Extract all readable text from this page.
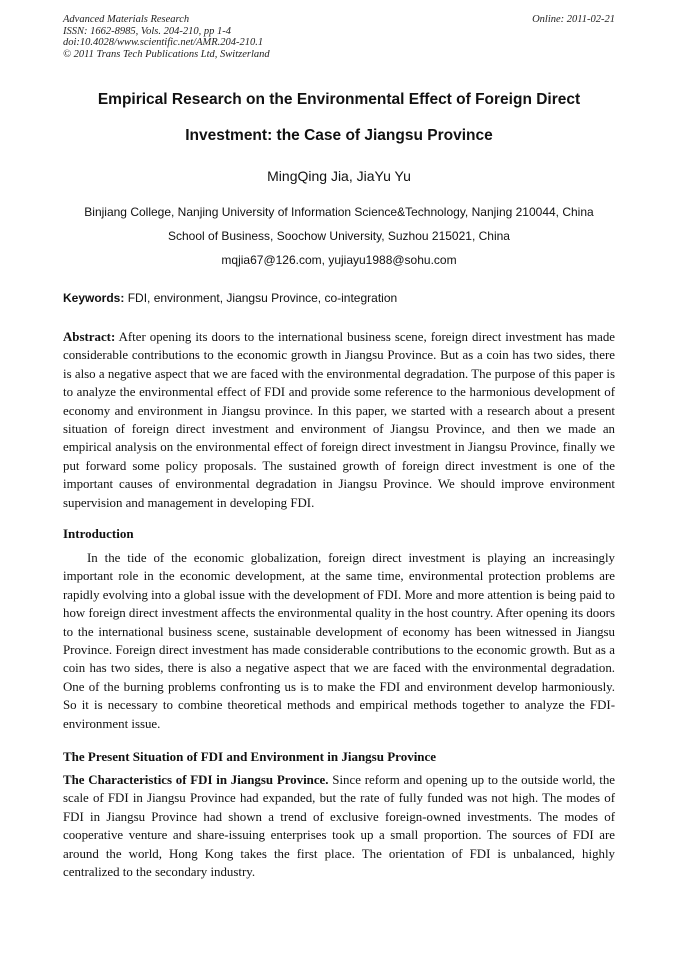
Advanced Materials Research
ISSN: 1662-8985, Vols. 204-210, pp 1-4
doi:10.4028/www.scientific.net/AMR.204-210.1
© 2011 Trans Tech Publications Ltd, Switzerland
Online: 2011-02-21
Empirical Research on the Environmental Effect of Foreign Direct
Investment: the Case of Jiangsu Province
MingQing Jia, JiaYu Yu
Binjiang College, Nanjing University of Information Science&Technology, Nanjing 210044, China
School of Business, Soochow University, Suzhou 215021, China
mqjia67@126.com, yujiayu1988@sohu.com
Keywords: FDI, environment, Jiangsu Province, co-integration
Abstract: After opening its doors to the international business scene, foreign direct investment has made considerable contributions to the economic growth in Jiangsu Province. But as a coin has two sides, there is also a negative aspect that we are faced with the environmental degradation. The purpose of this paper is to analyze the environmental effect of FDI and provide some reference to the harmonious development of economy and environment in Jiangsu province. In this paper, we started with a research about a present situation of foreign direct investment and environment of Jiangsu Province, and then we made an empirical analysis on the environmental effect of foreign direct investment in Jiangsu Province, finally we put forward some policy proposals. The sustained growth of foreign direct investment is one of the important causes of environmental degradation in Jiangsu Province. We should improve environment supervision and management in developing FDI.
Introduction
In the tide of the economic globalization, foreign direct investment is playing an increasingly important role in the economic development, at the same time, environmental protection problems are rapidly evolving into a global issue with the development of FDI. More and more attention is being paid to how foreign direct investment affects the environmental quality in the host country. After opening its doors to the international business scene, sustainable development of economy has been witnessed in Jiangsu Province. Foreign direct investment has made considerable contributions to the economic growth. But as a coin has two sides, there is also a negative aspect that we are faced with the environmental degradation. One of the burning problems confronting us is to make the FDI and environment develop harmoniously. So it is necessary to combine theoretical methods and empirical methods together to analyze the FDI-environment issue.
The Present Situation of FDI and Environment in Jiangsu Province
The Characteristics of FDI in Jiangsu Province. Since reform and opening up to the outside world, the scale of FDI in Jiangsu Province had expanded, but the rate of fully funded was not high. The modes of FDI in Jiangsu Province had shown a trend of exclusive foreign-owned investments. The modes of cooperative venture and share-issuing enterprises took up a small proportion. The sources of FDI are around the world, Hong Kong takes the first place. The orientation of FDI is unbalanced, highly centralized to the secondary industry.
